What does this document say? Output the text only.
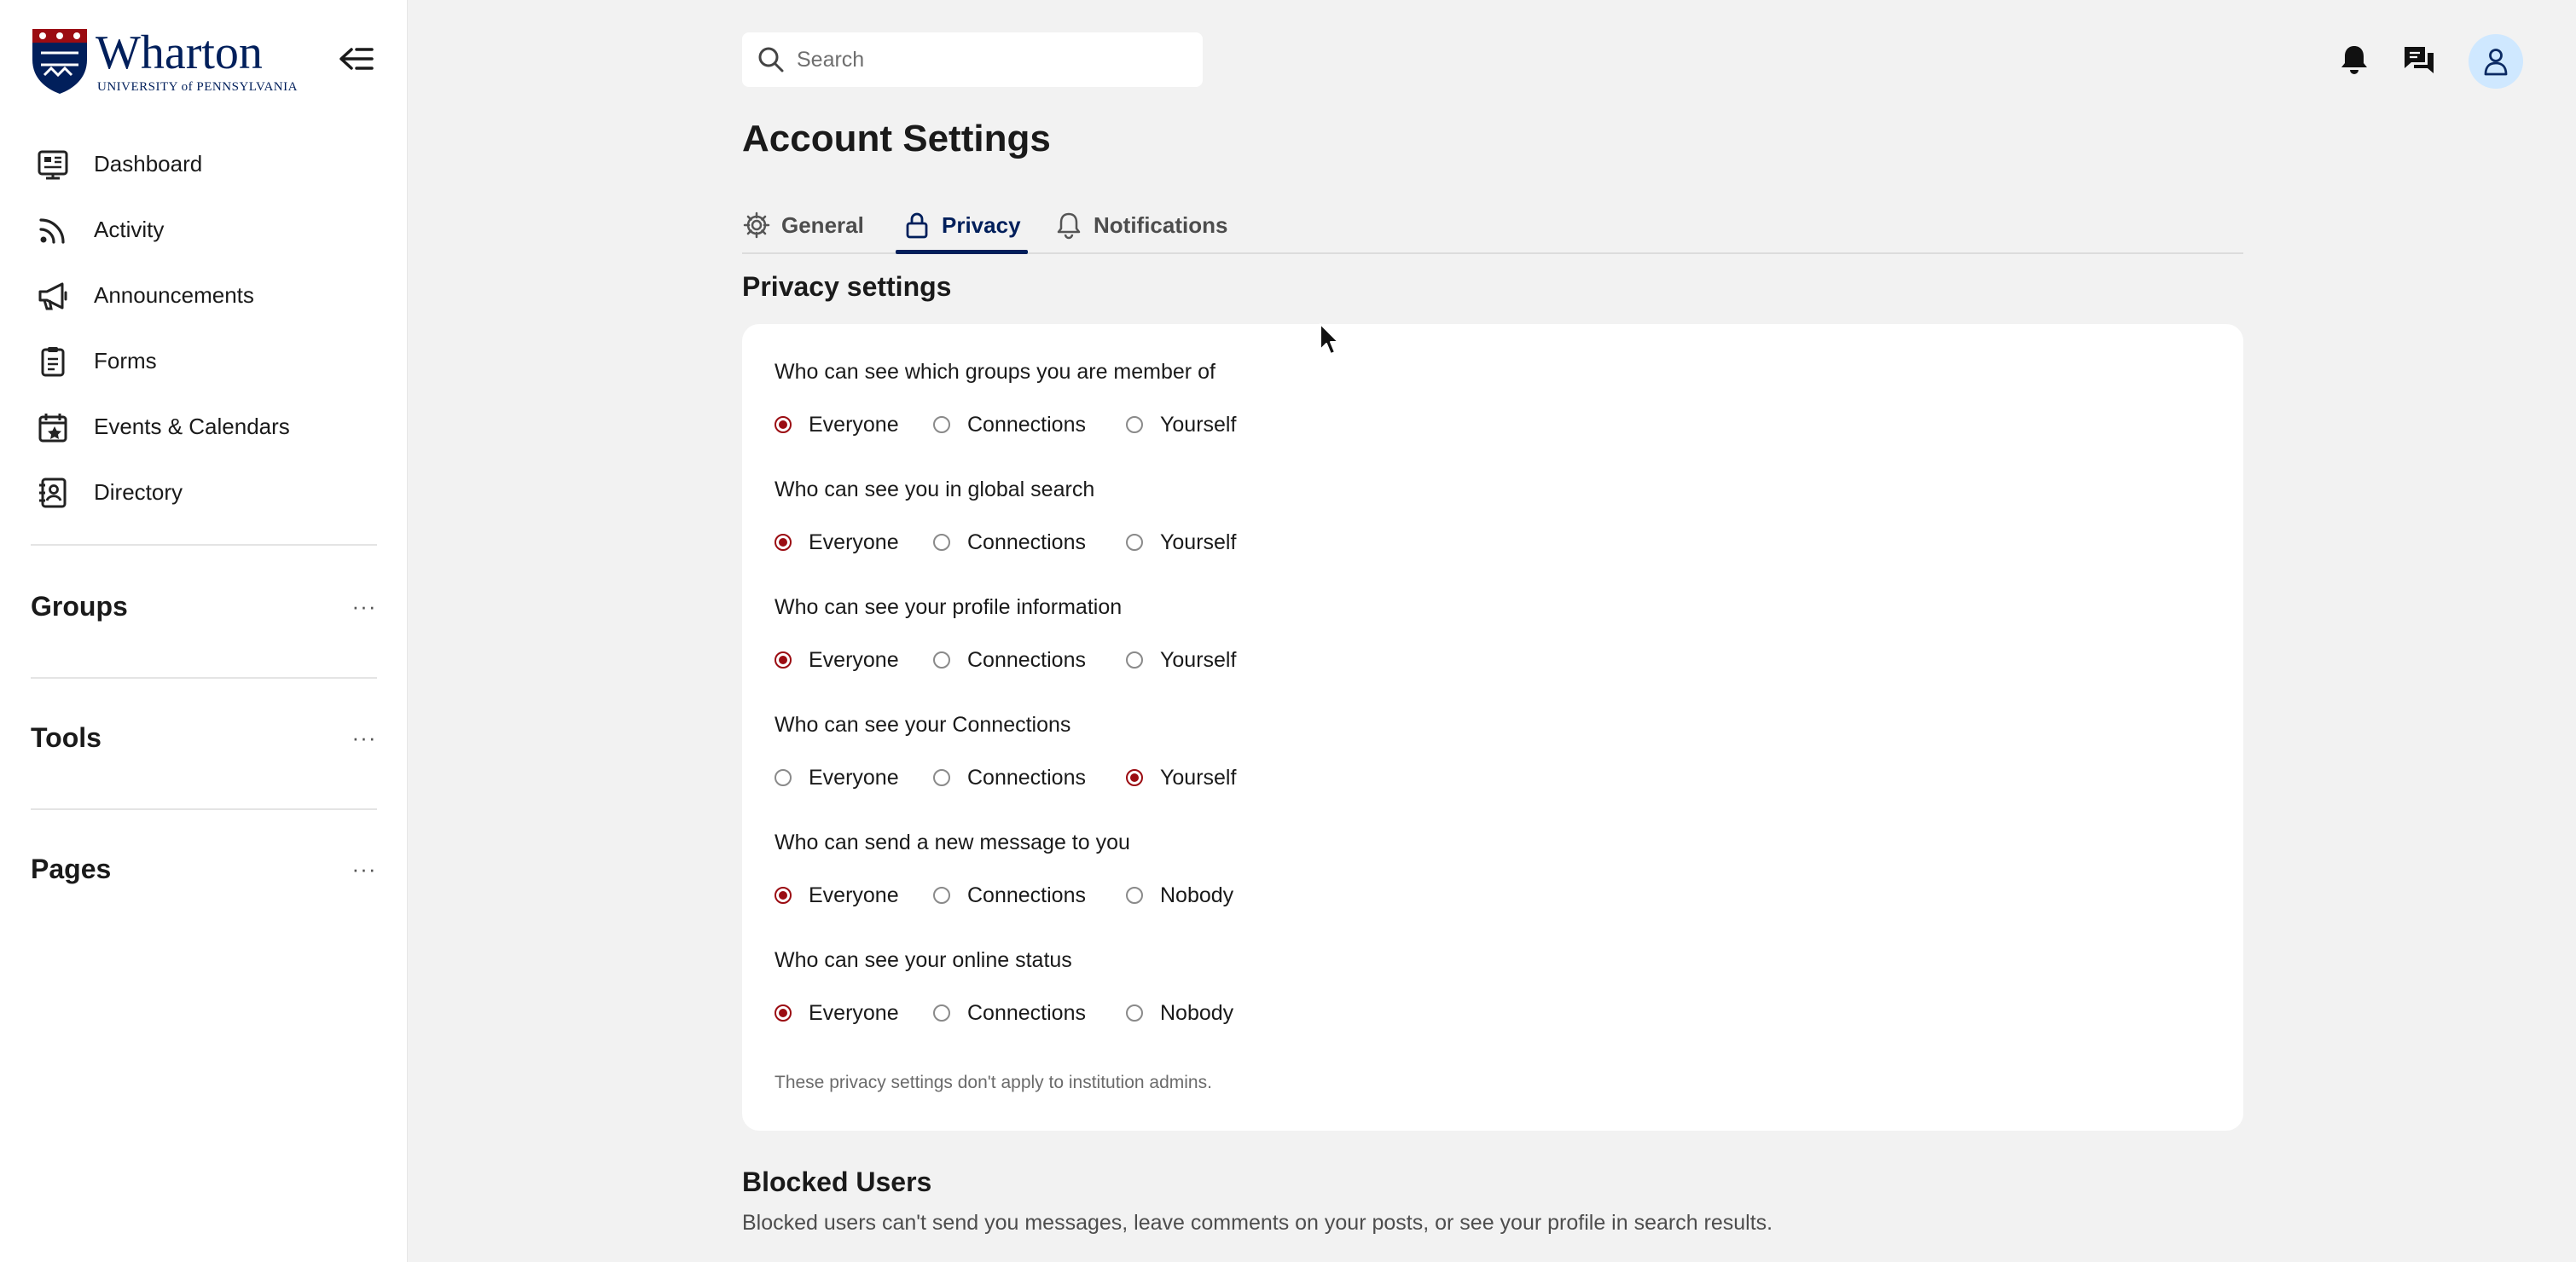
Wharton
UNIVERSITY of PENNSYLVANIA
Dashboard
Activity
Announcements
Forms
Events & Calendars
Directory
Groups	···
Tools	···
Pages	···
Search
Account Settings
General	Privacy	Notifications
Privacy settings
Who can see which groups you are member of
Everyone	Connections	Yourself
Who can see you in global search
Everyone	Connections	Yourself
Who can see your profile information
Everyone	Connections	Yourself
Who can see your Connections
Everyone	Connections	Yourself
Who can send a new message to you
Everyone	Connections	Nobody
Who can see your online status
Everyone	Connections	Nobody
These privacy settings don't apply to institution admins.
Blocked Users
Blocked users can't send you messages, leave comments on your posts, or see your profile in search results.
